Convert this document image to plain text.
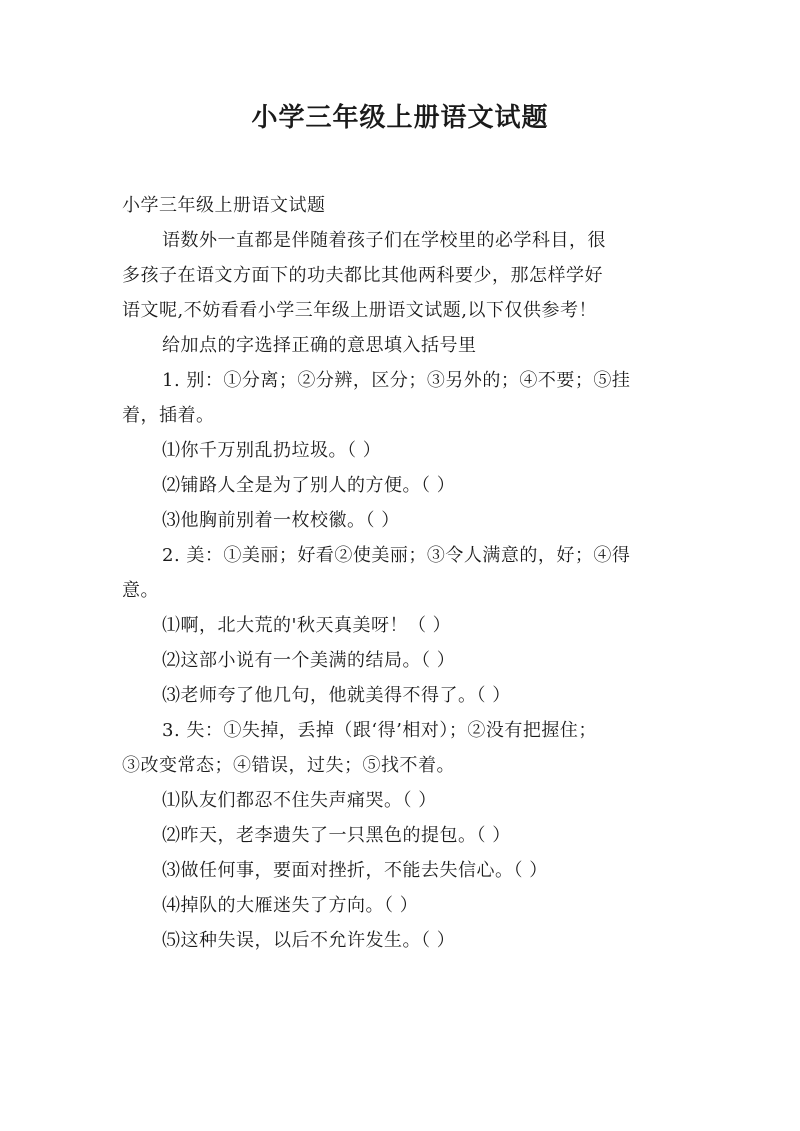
小学三年级上册语文试题
小学三年级上册语文试题
语数外一直都是伴随着孩子们在学校里的必学科目，很
多孩子在语文方面下的功夫都比其他两科要少，那怎样学好
语文呢,不妨看看小学三年级上册语文试题,以下仅供参考！
给加点的字选择正确的意思填入括号里
1. 别：①分离；②分辨，区分；③另外的；④不要；⑤挂
着，插着。
⑴你千万别乱扔垃圾。（ ）
⑵铺路人全是为了别人的方便。（ ）
⑶他胸前别着一枚校徽。（ ）
2. 美：①美丽；好看②使美丽；③令人满意的，好；④得
意。
⑴啊，北大荒的'秋天真美呀！（ ）
⑵这部小说有一个美满的结局。（ ）
⑶老师夸了他几句，他就美得不得了。（ ）
3. 失：①失掉，丢掉（跟‘得’相对）；②没有把握住；
③改变常态；④错误，过失；⑤找不着。
⑴队友们都忍不住失声痛哭。（ ）
⑵昨天，老李遗失了一只黑色的提包。（ ）
⑶做任何事，要面对挫折，不能去失信心。（ ）
⑷掉队的大雁迷失了方向。（ ）
⑸这种失误，以后不允许发生。（ ）
